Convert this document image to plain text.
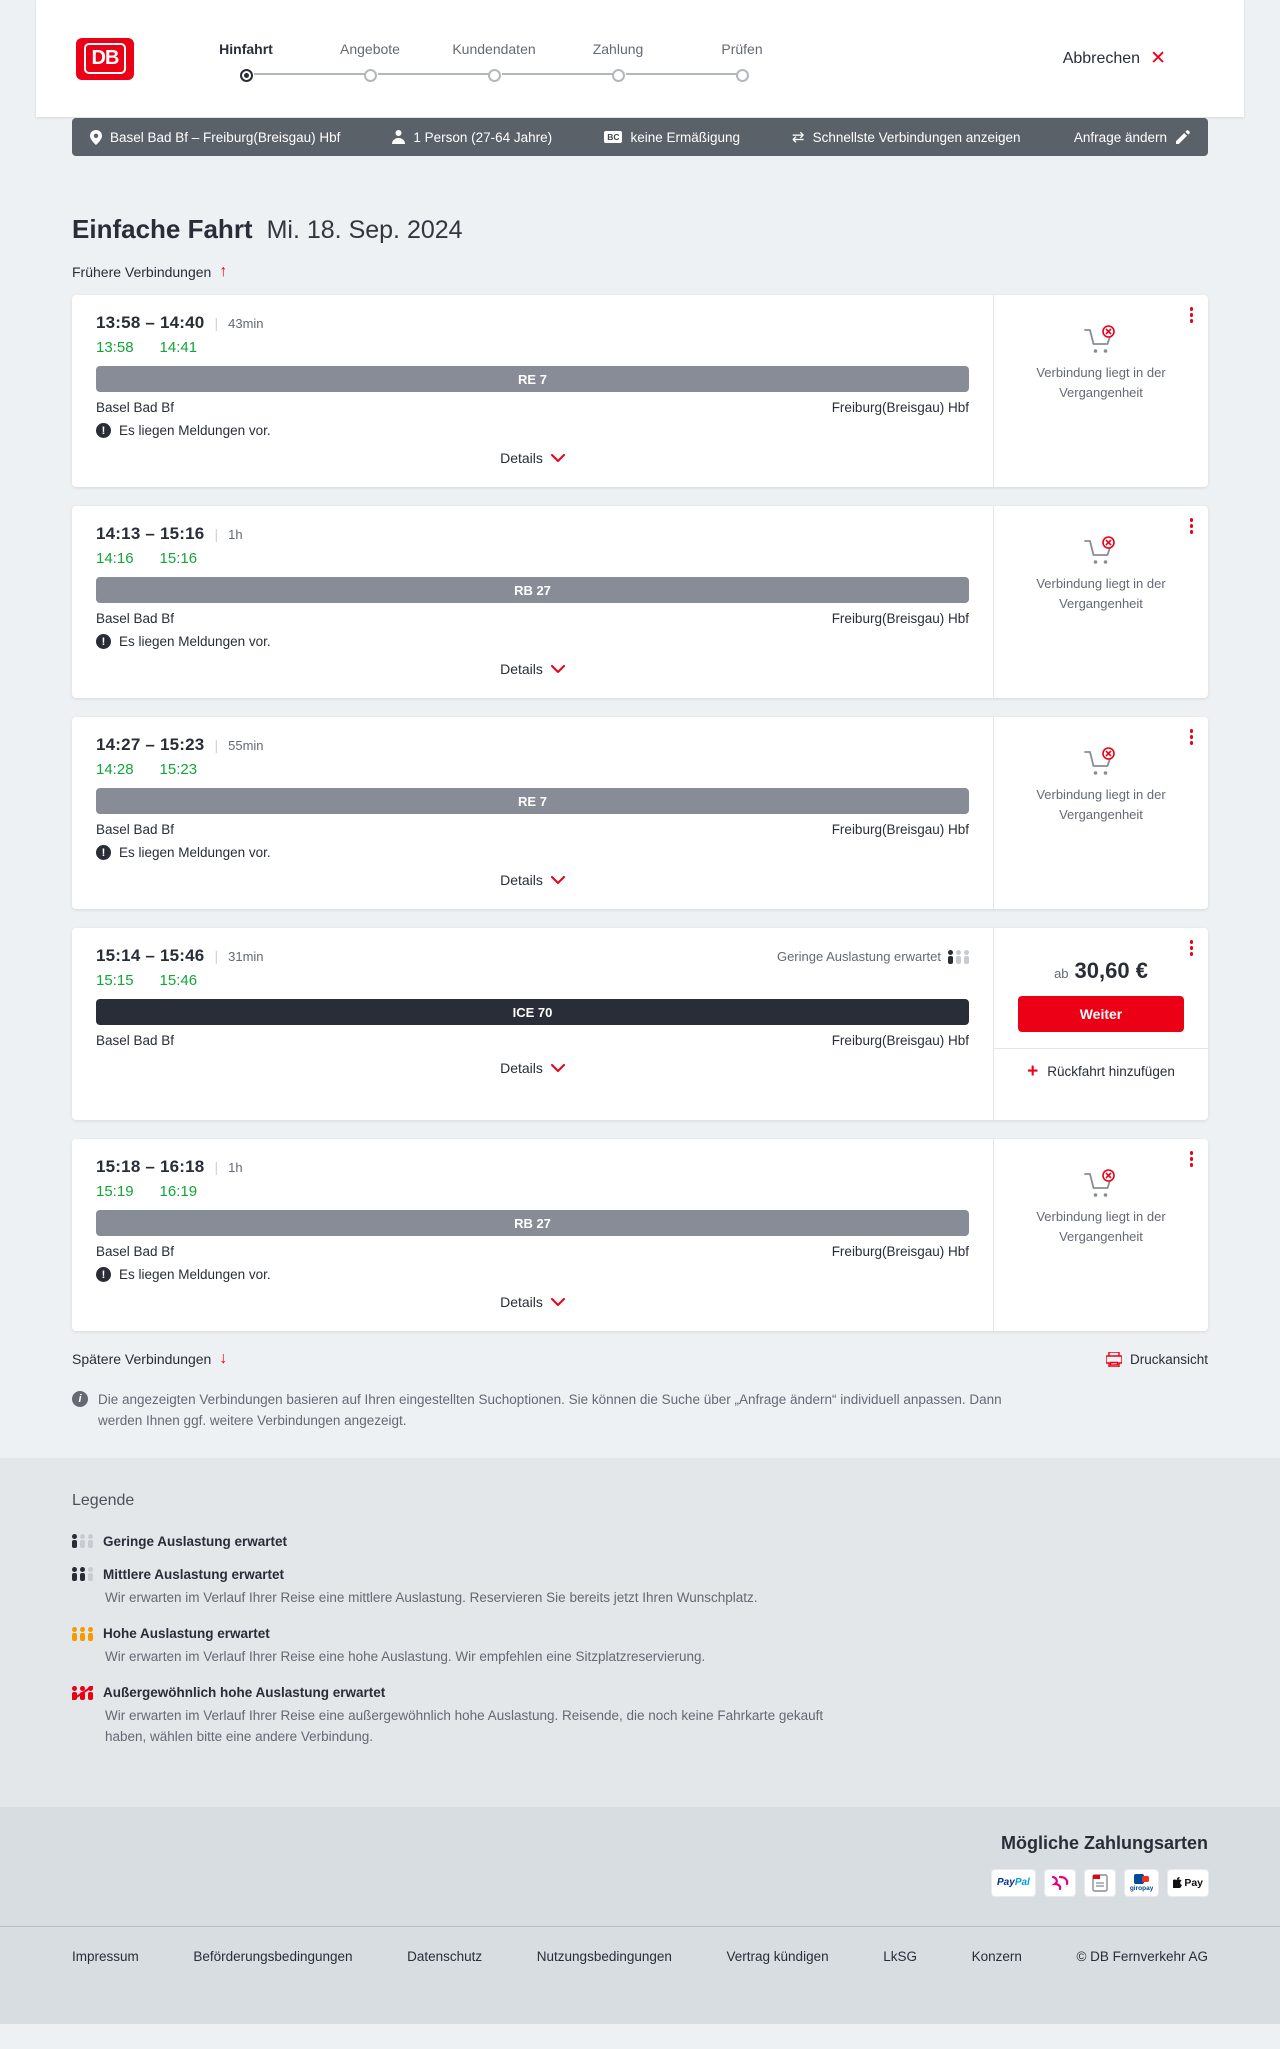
DB	Hinfahrt	Angebote	Kundendaten	Zahlung	Prüfen
Abbrechen ✕
Basel Bad Bf – Freiburg(Breisgau) Hbf	1 Person (27-64 Jahre)	BC keine Ermäßigung	⇄ Schnellste Verbindungen anzeigen	Anfrage ändern
Einfache Fahrt Mi. 18. Sep. 2024
Frühere Verbindungen ↑
13:58 – 14:40 | 43min
13:58 14:41
RE 7
Basel Bad Bf	Freiburg(Breisgau) Hbf
!	Es liegen Meldungen vor.
Details
Verbindung liegt in der Vergangenheit
14:13 – 15:16 | 1h
14:16 15:16
RB 27
Basel Bad Bf	Freiburg(Breisgau) Hbf
!	Es liegen Meldungen vor.
Details
Verbindung liegt in der Vergangenheit
14:27 – 15:23 | 55min
14:28 15:23
RE 7
Basel Bad Bf	Freiburg(Breisgau) Hbf
!	Es liegen Meldungen vor.
Details
Verbindung liegt in der Vergangenheit
15:14 – 15:46 | 31min	Geringe Auslastung erwartet
15:15 15:46
ICE 70
Basel Bad Bf	Freiburg(Breisgau) Hbf
Details
ab 30,60 €
Weiter
+ Rückfahrt hinzufügen
15:18 – 16:18 | 1h
15:19 16:19
RB 27
Basel Bad Bf	Freiburg(Breisgau) Hbf
!	Es liegen Meldungen vor.
Details
Verbindung liegt in der Vergangenheit
Spätere Verbindungen ↓	Druckansicht
i	Die angezeigten Verbindungen basieren auf Ihren eingestellten Suchoptionen. Sie können die Suche über „Anfrage ändern“ individuell anpassen. Dann werden Ihnen ggf. weitere Verbindungen angezeigt.

Legende
Geringe Auslastung erwartet
Mittlere Auslastung erwartet

Wir erwarten im Verlauf Ihrer Reise eine mittlere Auslastung. Reservieren Sie bereits jetzt Ihren Wunschplatz.

Hohe Auslastung erwartet

Wir erwarten im Verlauf Ihrer Reise eine hohe Auslastung. Wir empfehlen eine Sitzplatzreservierung.

Außergewöhnlich hohe Auslastung erwartet

Wir erwarten im Verlauf Ihrer Reise eine außergewöhnlich hohe Auslastung. Reisende, die noch keine Fahrkarte gekauft haben, wählen bitte eine andere Verbindung.

Mögliche Zahlungsarten
PayPal	giropay	Pay
Impressum	Beförderungsbedingungen	Datenschutz	Nutzungsbedingungen	Vertrag kündigen	LkSG	Konzern	© DB Fernverkehr AG
